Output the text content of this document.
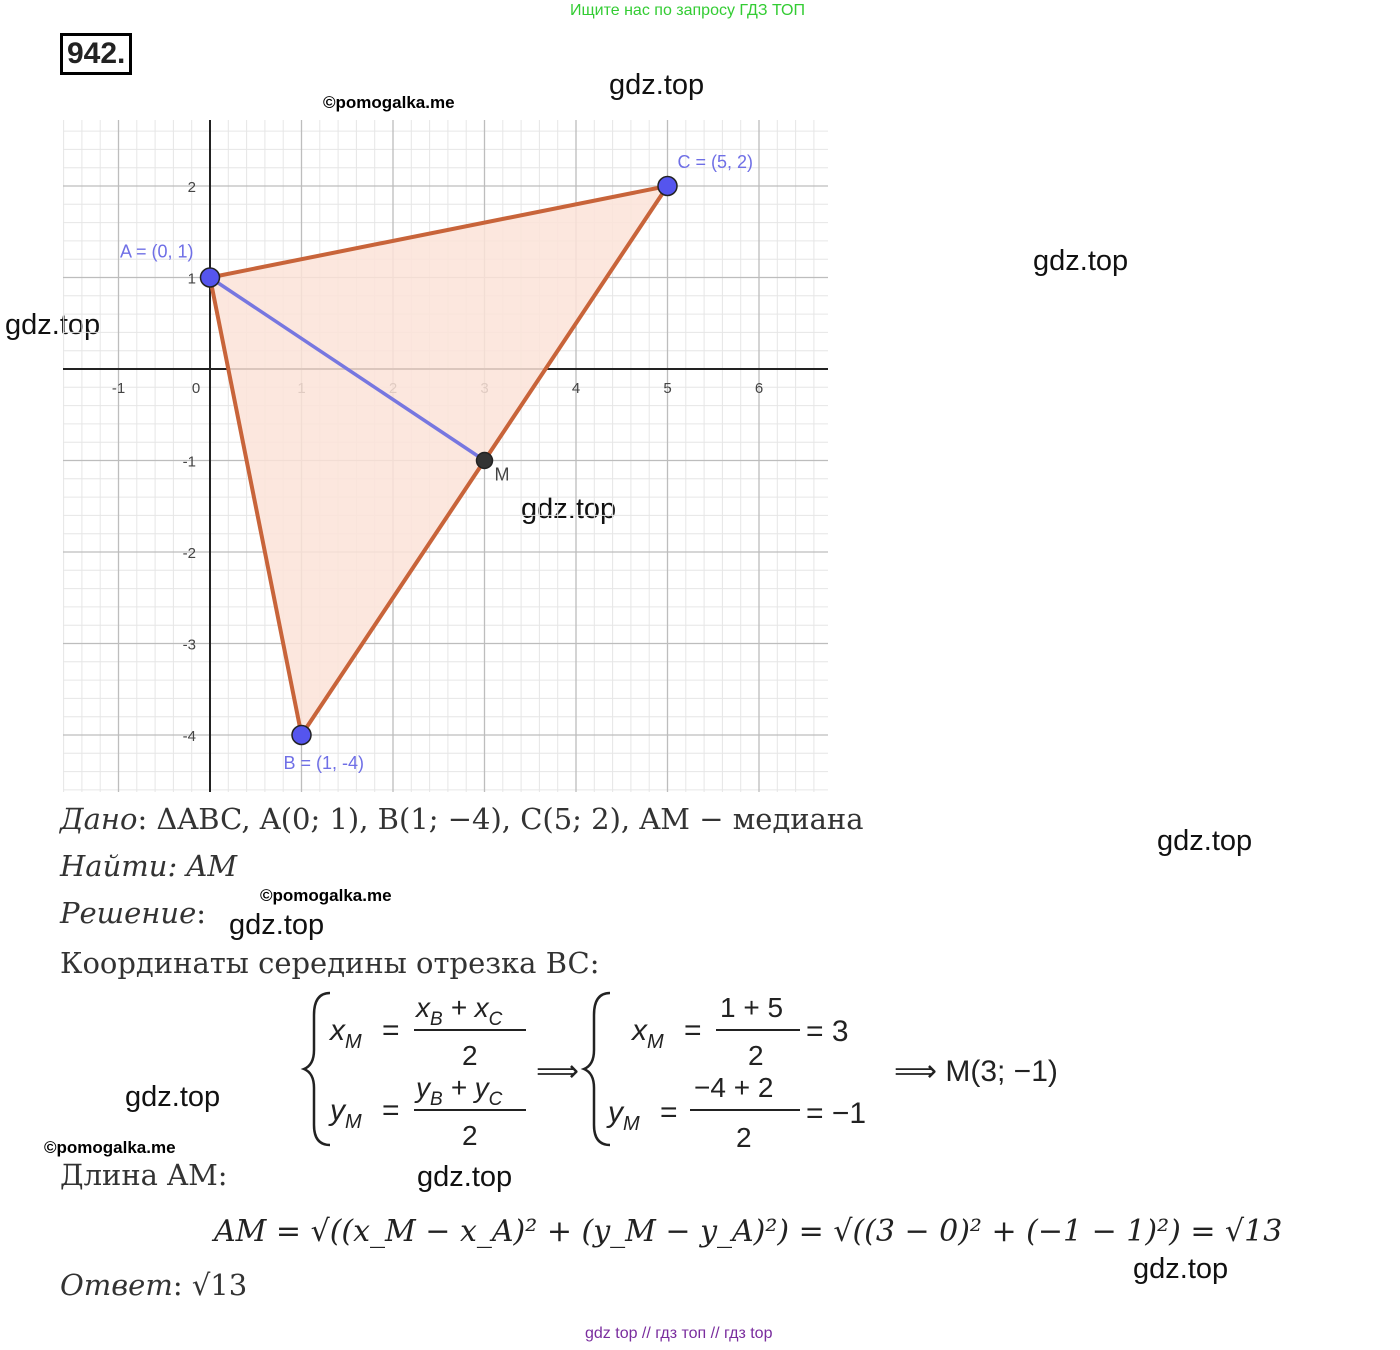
Ищите нас по запросу ГДЗ ТОП
942.
©pomogalka.me
gdz.top
gdz.top
gdz.top
gdz.top
gdz.top
©pomogalka.me
gdz.top
gdz.top
©pomogalka.me
gdz.top
gdz.top
-1	0	4	5	6
2
1
-1
-2
-3
-4
A = (0, 1)
B = (1, -4)
C = (5, 2)
M
Дано: ΔABC, A(0; 1), B(1; −4), C(5; 2), AM − медиана
Найти: AM
Решение:
Координаты середины отрезка BC:
$x_M$ =
$x_B + x_C$
2
$y_M$ =
$y_B + y_C$
2
⟹
$x_M$ =
1 + 5
2
= 3
$y_M$ =
−4 + 2
2
= −1
⟹ M(3; −1)
Длина AM:
AM = √((x_M − x_A)² + (y_M − y_A)²) = √((3 − 0)² + (−1 − 1)²) = √13
Ответ: √13
gdz top // гдз топ // гдз top
